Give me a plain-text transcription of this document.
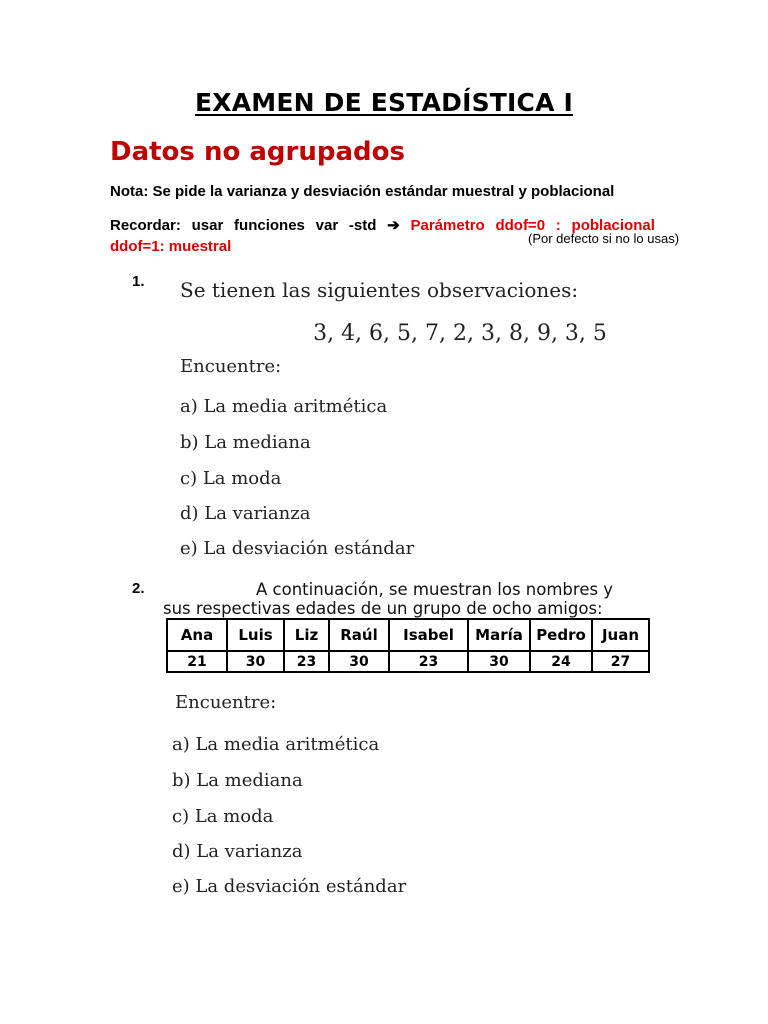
EXAMEN DE ESTADÍSTICA I
Datos no agrupados
Nota: Se pide la varianza y desviación estándar muestral y poblacional
Recordar: usar funciones var -std ➔ Parámetro ddof=0 : poblacional
ddof=1: muestral	(Por defecto si no lo usas)
1. Se tienen las siguientes observaciones:
3, 4, 6, 5, 7, 2, 3, 8, 9, 3, 5
Encuentre:
a) La media aritmética
b) La mediana
c) La moda
d) La varianza
e) La desviación estándar
2.	A continuación, se muestran los nombres y
sus respectivas edades de un grupo de ocho amigos:
Ana	Luis	Liz	Raúl	Isabel	María	Pedro	Juan
21	30	23	30	23	30	24	27
Encuentre:
a) La media aritmética
b) La mediana
c) La moda
d) La varianza
e) La desviación estándar
